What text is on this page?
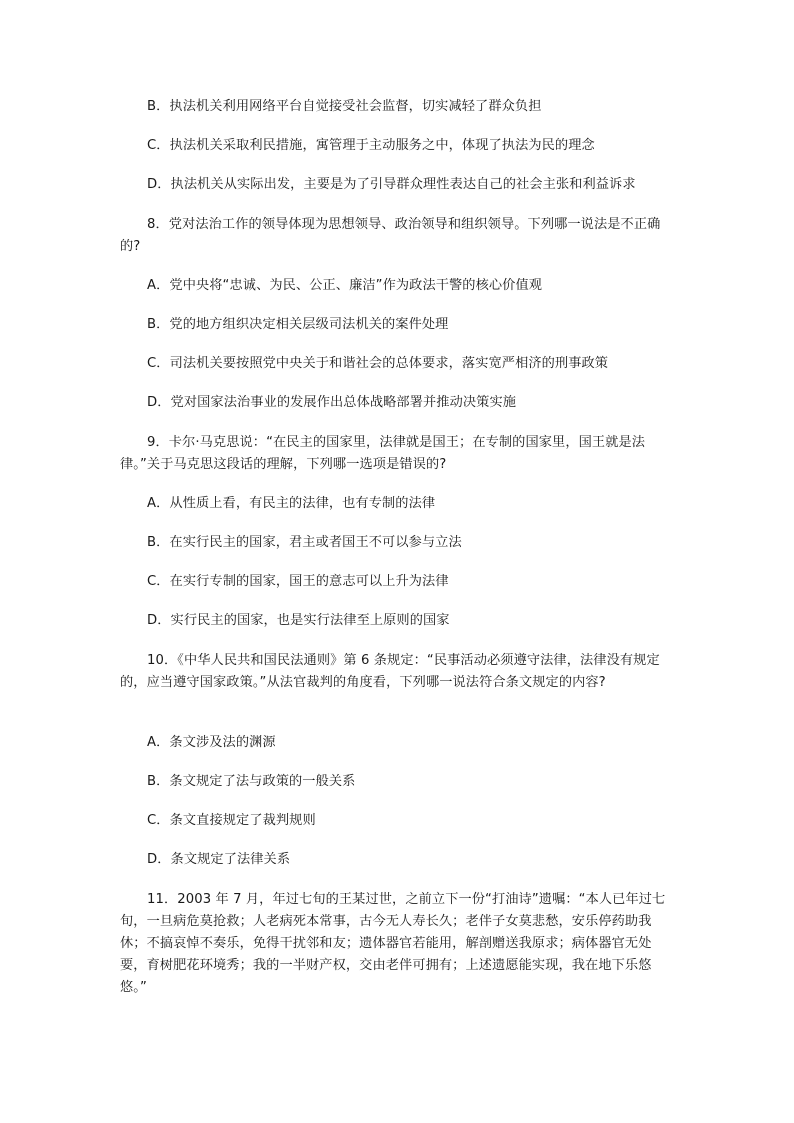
B．执法机关利用网络平台自觉接受社会监督，切实减轻了群众负担
C．执法机关采取利民措施，寓管理于主动服务之中，体现了执法为民的理念
D．执法机关从实际出发，主要是为了引导群众理性表达自己的社会主张和利益诉求
8．党对法治工作的领导体现为思想领导、政治领导和组织领导。下列哪一说法是不正确的?
A．党中央将“忠诚、为民、公正、廉洁”作为政法干警的核心价值观
B．党的地方组织决定相关层级司法机关的案件处理
C．司法机关要按照党中央关于和谐社会的总体要求，落实宽严相济的刑事政策
D．党对国家法治事业的发展作出总体战略部署并推动决策实施
9．卡尔·马克思说：“在民主的国家里，法律就是国王；在专制的国家里，国王就是法律。”关于马克思这段话的理解，下列哪一选项是错误的?
A．从性质上看，有民主的法律，也有专制的法律
B．在实行民主的国家，君主或者国王不可以参与立法
C．在实行专制的国家，国王的意志可以上升为法律
D．实行民主的国家，也是实行法律至上原则的国家
10．《中华人民共和国民法通则》第 6 条规定：“民事活动必须遵守法律，法律没有规定的，应当遵守国家政策。”从法官裁判的角度看，下列哪一说法符合条文规定的内容?
A．条文涉及法的渊源
B．条文规定了法与政策的一般关系
C．条文直接规定了裁判规则
D．条文规定了法律关系
11．2003 年 7 月，年过七旬的王某过世，之前立下一份“打油诗”遗嘱：“本人已年过七旬，一旦病危莫抢救；人老病死本常事，古今无人寿长久；老伴子女莫悲愁，安乐停药助我休；不搞哀悼不奏乐，免得干扰邻和友；遗体器官若能用，解剖赠送我原求；病体器官无处要，育树肥花环境秀；我的一半财产权，交由老伴可拥有；上述遗愿能实现，我在地下乐悠悠。”
